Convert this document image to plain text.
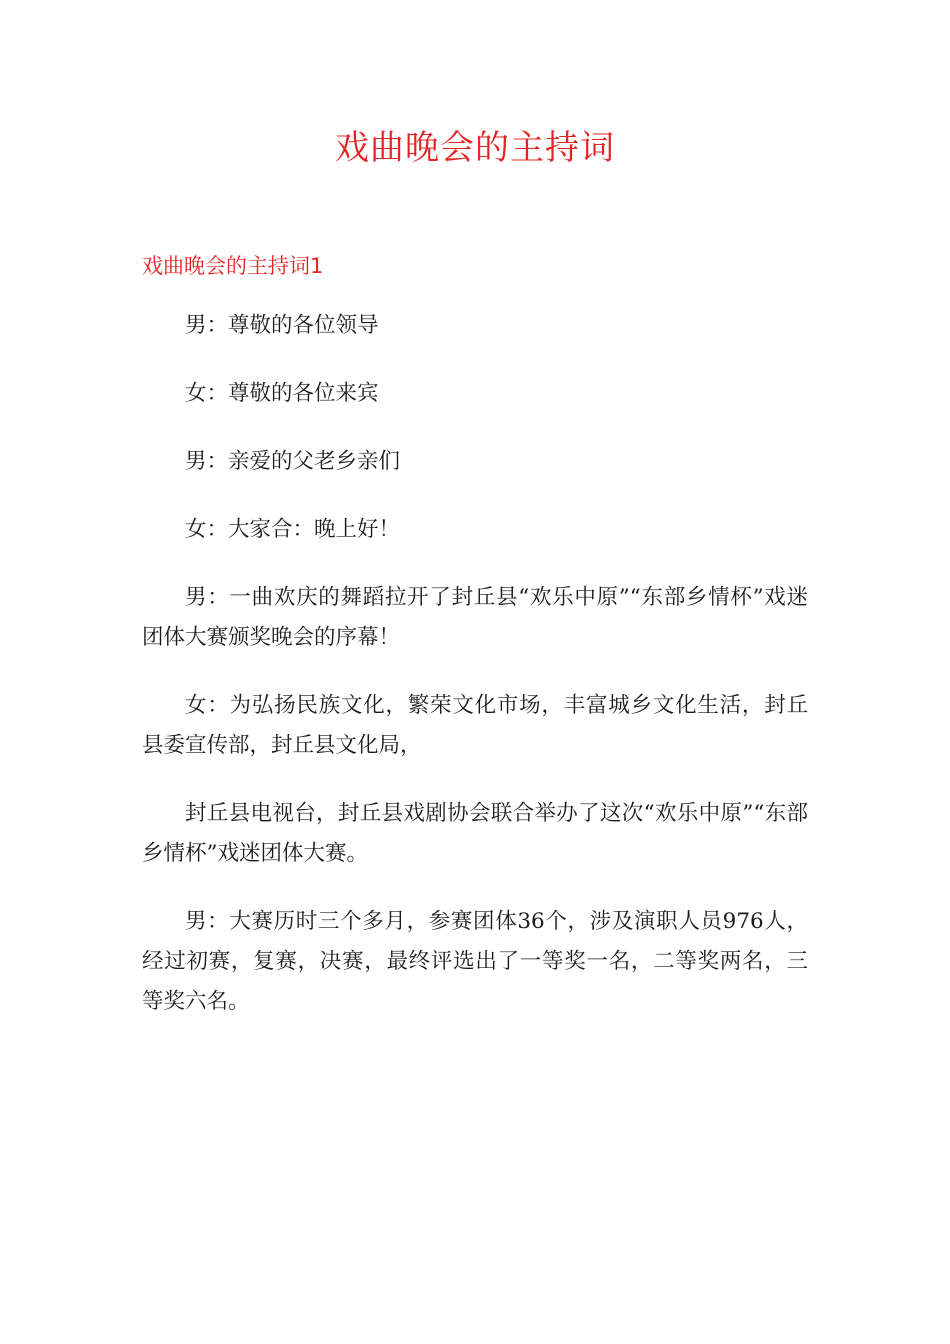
戏曲晚会的主持词
戏曲晚会的主持词1

男：尊敬的各位领导

女：尊敬的各位来宾

男：亲爱的父老乡亲们

女：大家合：晚上好！

男：一曲欢庆的舞蹈拉开了封丘县“欢乐中原”“东部乡情杯”戏迷团体大赛颁奖晚会的序幕！

女：为弘扬民族文化，繁荣文化市场，丰富城乡文化生活，封丘县委宣传部，封丘县文化局，

封丘县电视台，封丘县戏剧协会联合举办了这次“欢乐中原”“东部乡情杯”戏迷团体大赛。

男：大赛历时三个多月，参赛团体36个，涉及演职人员976人，经过初赛，复赛，决赛，最终评选出了一等奖一名，二等奖两名，三等奖六名。
